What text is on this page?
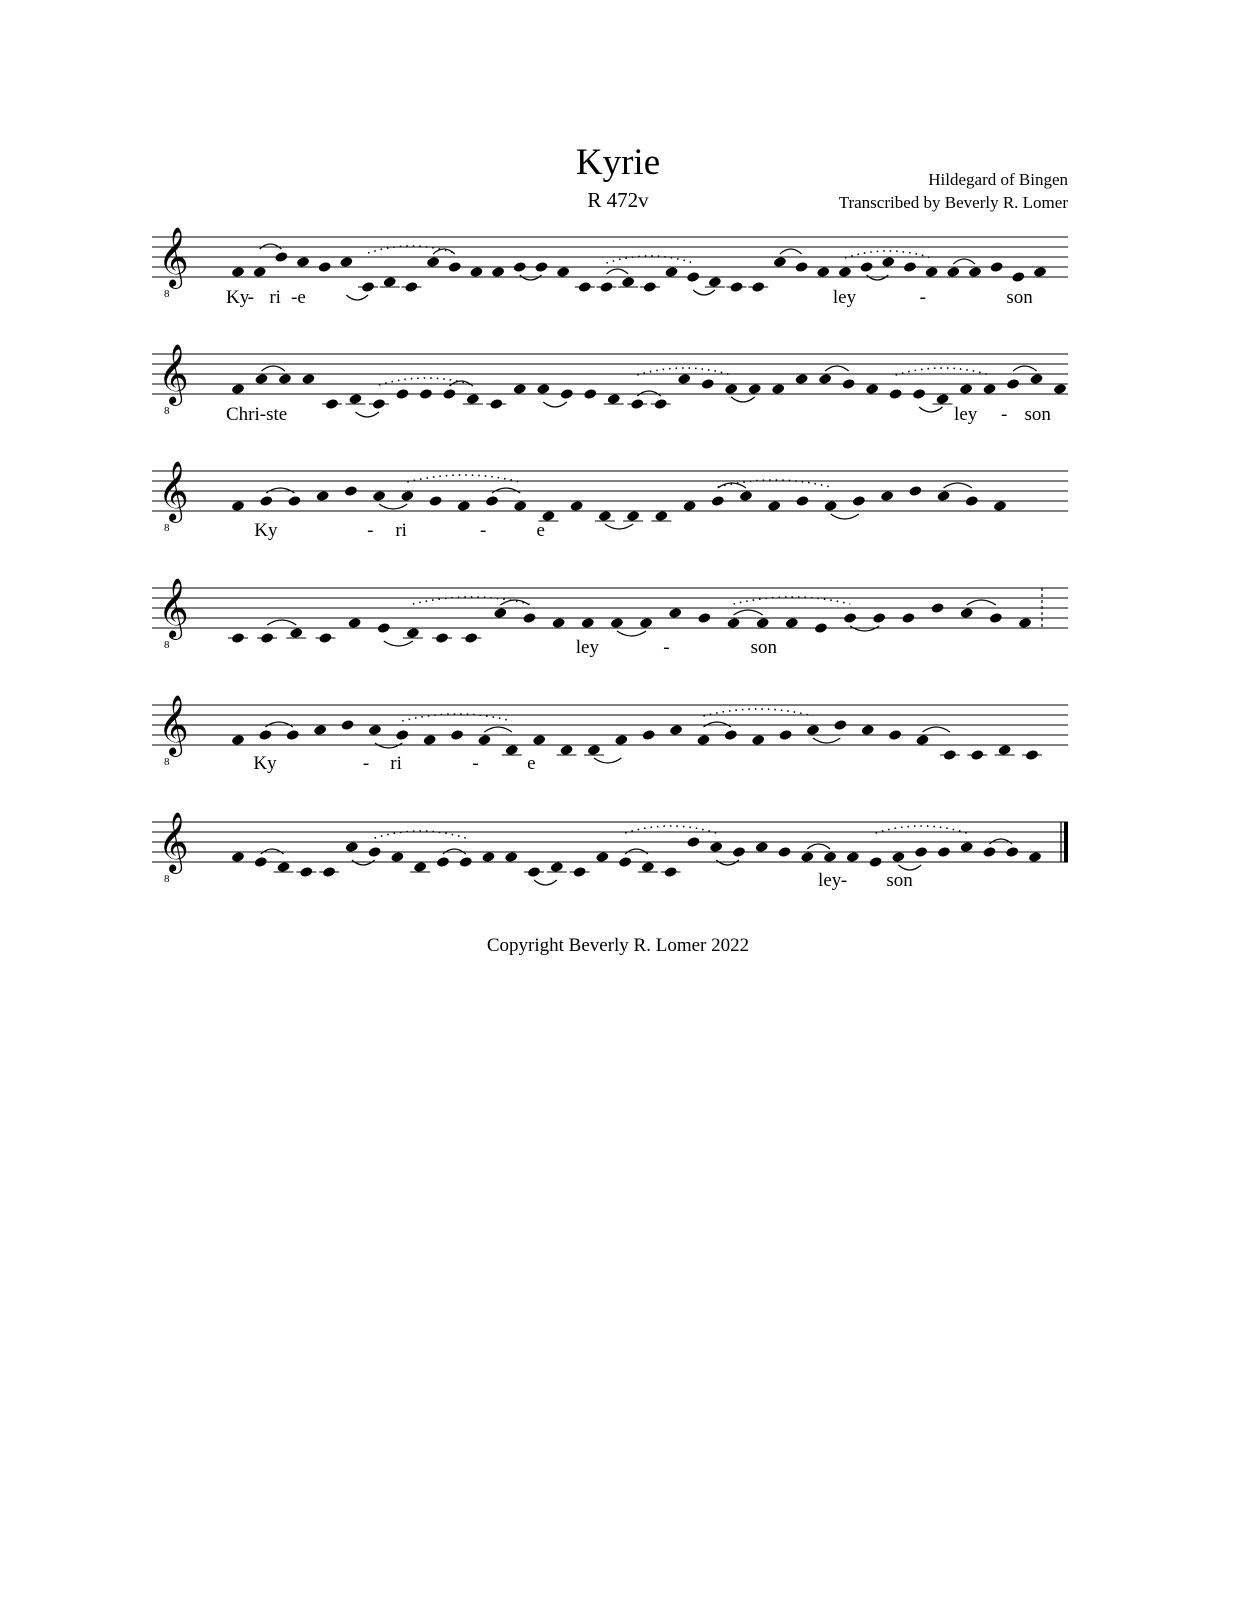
Kyrie
R 472v
Hildegard of Bingen
Transcribed by Beverly R. Lomer
𝄞
8	Ky
- ri -e	ley	-	son
𝄞
8	Chri-ste	ley - son
𝄞
8	Ky	- ri	-	e
𝄞
8	ley	-	son
𝄞
8	Ky	- ri	-	e
𝄞
8	ley - son
Copyright Beverly R. Lomer 2022
